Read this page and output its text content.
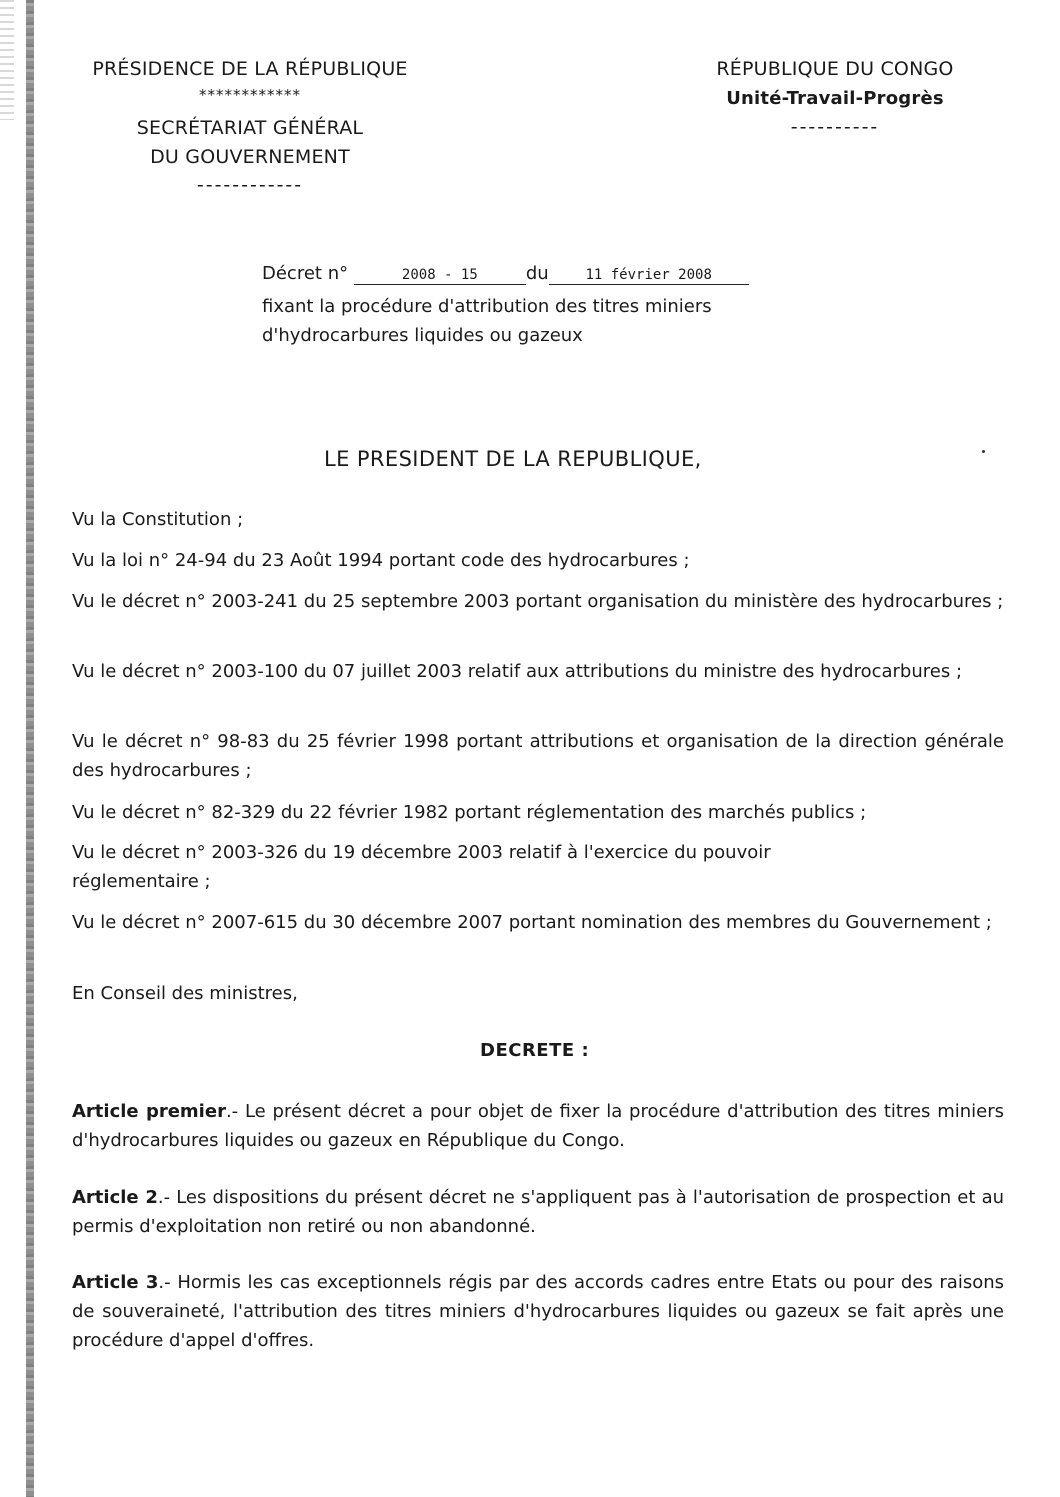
PRÉSIDENCE DE LA RÉPUBLIQUE
************
SECRÉTARIAT GÉNÉRAL
DU GOUVERNEMENT
------------
RÉPUBLIQUE DU CONGO
Unité-Travail-Progrès
----------
Décret n°	2008 - 15	du	11 février 2008
fixant la procédure d'attribution des titres miniers
d'hydrocarbures liquides ou gazeux
LE PRESIDENT DE LA REPUBLIQUE,
Vu la Constitution ;
Vu la loi n° 24-94 du 23 Août 1994 portant code des hydrocarbures ;
Vu le décret n° 2003-241 du 25 septembre 2003 portant organisation du ministère des hydrocarbures ;
Vu le décret n° 2003-100 du 07 juillet 2003 relatif aux attributions du ministre des hydrocarbures ;
Vu le décret n° 98-83 du 25 février 1998 portant attributions et organisation de la direction générale des hydrocarbures ;
Vu le décret n° 82-329 du 22 février 1982 portant réglementation des marchés publics ;
Vu le décret n° 2003-326 du 19 décembre 2003 relatif à l'exercice du pouvoir réglementaire ;
Vu le décret n° 2007-615 du 30 décembre 2007 portant nomination des membres du Gouvernement ;
En Conseil des ministres,
DECRETE :
Article premier.- Le présent décret a pour objet de fixer la procédure d'attribution des titres miniers d'hydrocarbures liquides ou gazeux en République du Congo.
Article 2.- Les dispositions du présent décret ne s'appliquent pas à l'autorisation de prospection et au permis d'exploitation non retiré ou non abandonné.
Article 3.- Hormis les cas exceptionnels régis par des accords cadres entre Etats ou pour des raisons de souveraineté, l'attribution des titres miniers d'hydrocarbures liquides ou gazeux se fait après une procédure d'appel d'offres.
